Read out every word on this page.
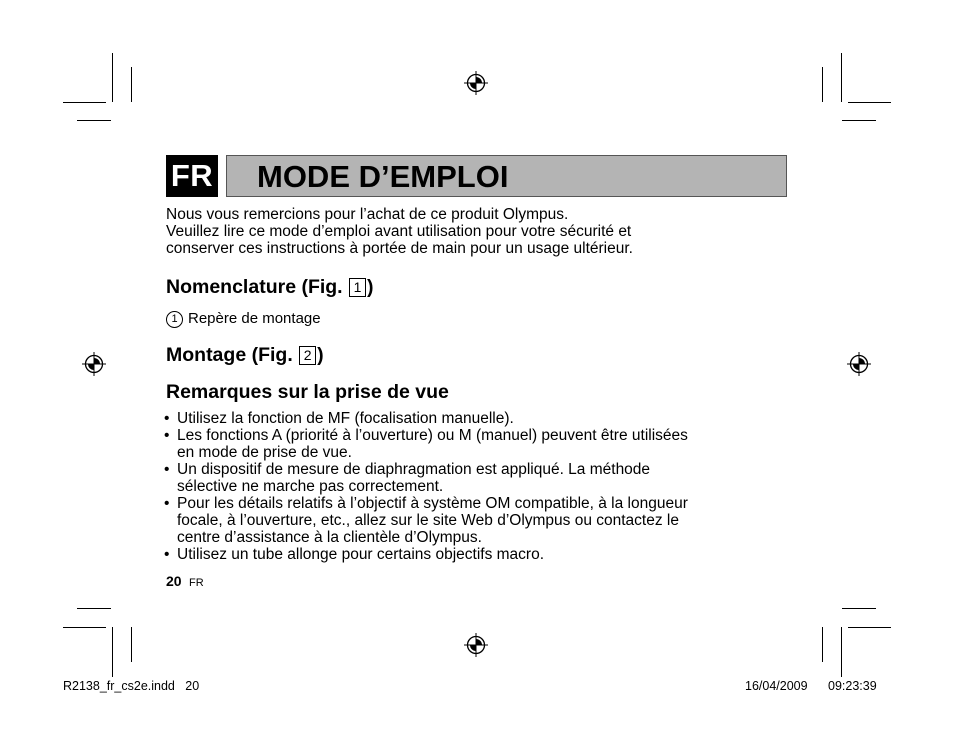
FR MODE D’EMPLOI
Nous vous remercions pour l’achat de ce produit Olympus.
Veuillez lire ce mode d’emploi avant utilisation pour votre sécurité et
conserver ces instructions à portée de main pour un usage ultérieur.
Nomenclature (Fig. 1 )
1 Repère de montage
Montage (Fig. 2 )
Remarques sur la prise de vue
• Utilisez la fonction de MF (focalisation manuelle).
• Les fonctions A (priorité à l’ouverture) ou M (manuel) peuvent être utilisées
en mode de prise de vue.
• Un dispositif de mesure de diaphragmation est appliqué. La méthode
sélective ne marche pas correctement.
• Pour les détails relatifs à l’objectif à système OM compatible, à la longueur
focale, à l’ouverture, etc., allez sur le site Web d’Olympus ou contactez le
centre d’assistance à la clientèle d’Olympus.
• Utilisez un tube allonge pour certains objectifs macro.
20 FR
R2138_fr_cs2e.indd   20	16/04/2009 09:23:39
